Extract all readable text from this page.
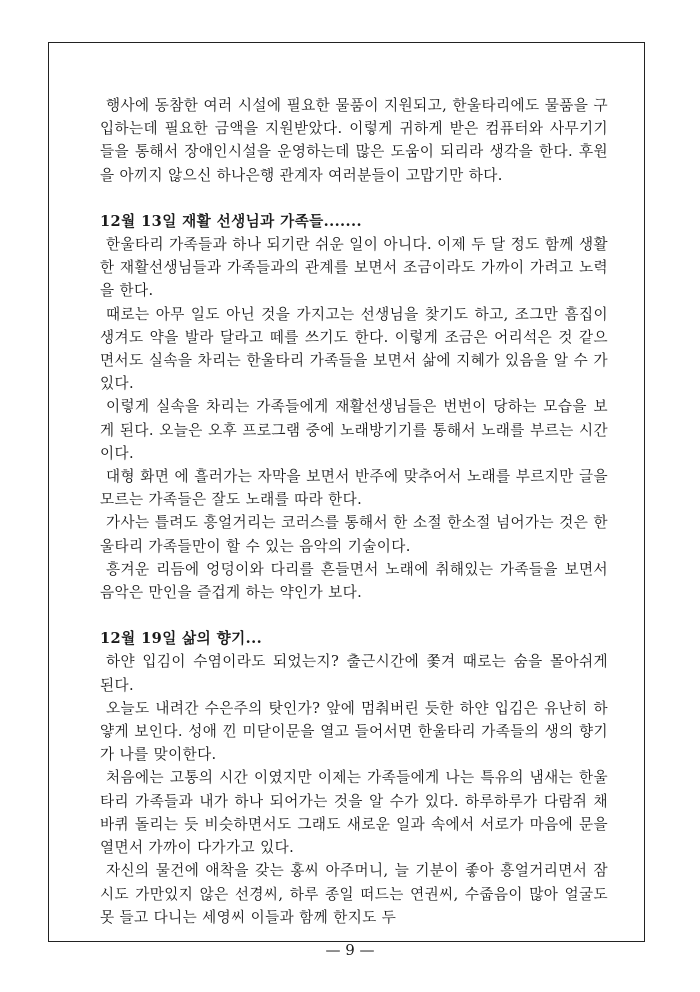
행사에 동참한 여러 시설에 필요한 물품이 지원되고, 한울타리에도 물품을 구입하는데 필요한 금액을 지원받았다. 이렇게 귀하게 받은 컴퓨터와 사무기기들을 통해서 장애인시설을 운영하는데 많은 도움이 되리라 생각을 한다. 후원을 아끼지 않으신 하나은행 관계자 여러분들이 고맙기만 하다.

12월 13일 재활 선생님과 가족들.......

한울타리 가족들과 하나 되기란 쉬운 일이 아니다. 이제 두 달 정도 함께 생활한 재활선생님들과 가족들과의 관계를 보면서 조금이라도 가까이 가려고 노력을 한다.

때로는 아무 일도 아닌 것을 가지고는 선생님을 찾기도 하고, 조그만 흠집이 생겨도 약을 발라 달라고 떼를 쓰기도 한다. 이렇게 조금은 어리석은 것 같으면서도 실속을 차리는 한울타리 가족들을 보면서 삶에 지혜가 있음을 알 수 가 있다.

이렇게 실속을 차리는 가족들에게 재활선생님들은 번번이 당하는 모습을 보게 된다. 오늘은 오후 프로그램 중에 노래방기기를 통해서 노래를 부르는 시간이다.

대형 화면 에 흘러가는 자막을 보면서 반주에 맞추어서 노래를 부르지만 글을 모르는 가족들은 잘도 노래를 따라 한다.

가사는 틀려도 흥얼거리는 코러스를 통해서 한 소절 한소절 넘어가는 것은 한울타리 가족들만이 할 수 있는 음악의 기술이다.

흥겨운 리듬에 엉덩이와 다리를 흔들면서 노래에 취해있는 가족들을 보면서 음악은 만인을 즐겁게 하는 약인가 보다.

12월 19일 삶의 향기...

하얀 입김이 수염이라도 되었는지? 출근시간에 쫓겨 때로는 숨을 몰아쉬게 된다.

오늘도 내려간 수은주의 탓인가? 앞에 멈춰버린 듯한 하얀 입김은 유난히 하얗게 보인다. 성애 낀 미닫이문을 열고 들어서면 한울타리 가족들의 생의 향기가 나를 맞이한다.

처음에는 고통의 시간 이였지만 이제는 가족들에게 나는 특유의 냄새는 한울타리 가족들과 내가 하나 되어가는 것을 알 수가 있다. 하루하루가 다람쥐 채바퀴 돌리는 듯 비슷하면서도 그래도 새로운 일과 속에서 서로가 마음에 문을 열면서 가까이 다가가고 있다.

자신의 물건에 애착을 갖는 홍씨 아주머니, 늘 기분이 좋아 흥얼거리면서 잠시도 가만있지 않은 선경씨, 하루 종일 떠드는 연권씨, 수줍음이 많아 얼굴도 못 들고 다니는 세영씨 이들과 함께 한지도 두

— 9 —
